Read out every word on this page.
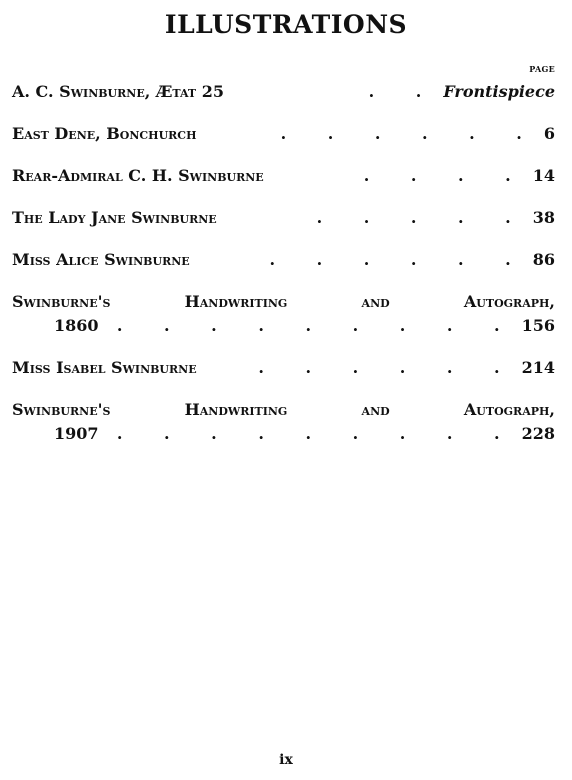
ILLUSTRATIONS
PAGE
A. C. Swinburne, Ætat 25	. . Frontispiece
East Dene, Bonchurch	. . . . . . 6
Rear-Admiral C. H. Swinburne	. . . . 14
The Lady Jane Swinburne	. . . . . 38
Miss Alice Swinburne	. . . . . . 86
Swinburne's	Handwriting	and	Autograph,
1860	. . . . . . . . . 156
Miss Isabel Swinburne	. . . . . . 214
Swinburne's	Handwriting	and	Autograph,
1907	. . . . . . . . . 228
ix
